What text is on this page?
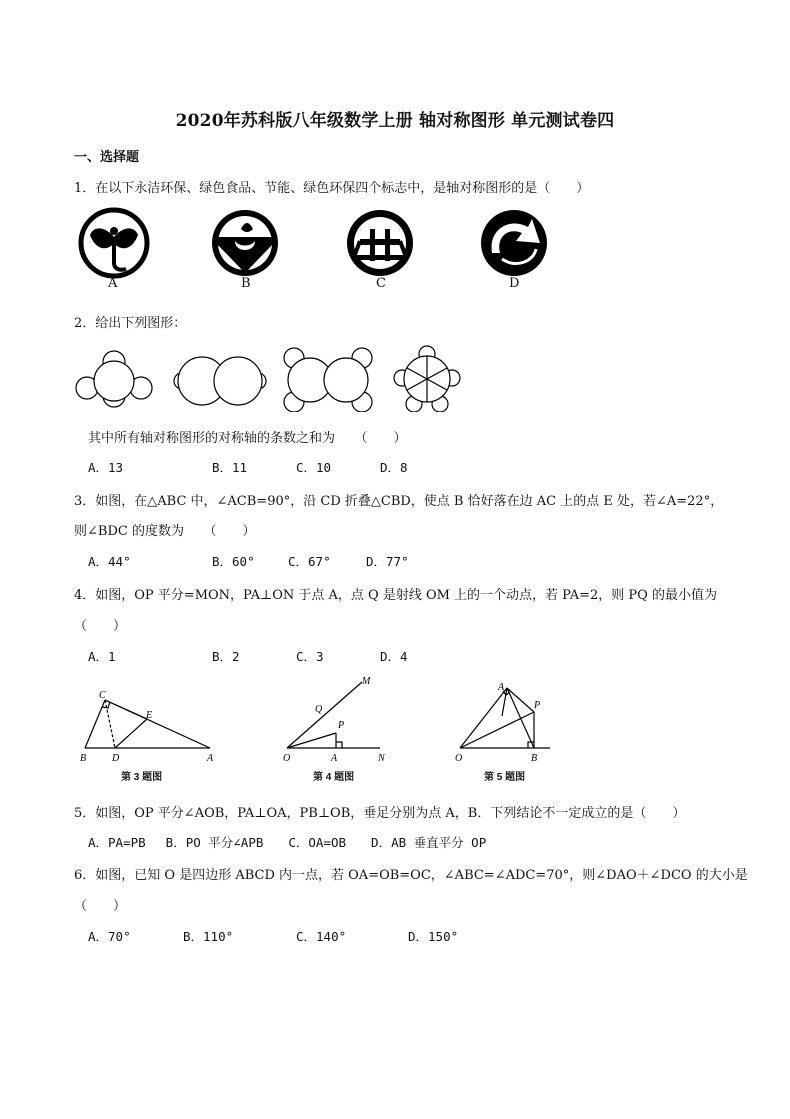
2020年苏科版八年级数学上册 轴对称图形 单元测试卷四
一、选择题
1．在以下永洁环保、绿色食品、节能、绿色环保四个标志中，是轴对称图形的是（　　）
A	B	C	D
2．给出下列图形：
其中所有轴对称图形的对称轴的条数之和为　　（　　）
A．13	B．11	C．10	D．8
3．如图，在△ABC 中，∠ACB=90°，沿 CD 折叠△CBD，使点 B 恰好落在边 AC 上的点 E 处，若∠A=22°，
则∠BDC 的度数为　　（　　）
A．44°	B．60°	C．67°	D．77°
4．如图，OP 平分=MON，PA⊥ON 于点 A，点 Q 是射线 OM 上的一个动点，若 PA=2，则 PQ 的最小值为
（　　）
A．1	B．2	C．3	D．4
C
E
B	D	A
第 3 题图
M
Q
P
O	A	N
第 4 题图
A
P
O	B
第 5 题图
5．如图，OP 平分∠AOB，PA⊥OA，PB⊥OB，垂足分别为点 A，B．下列结论不一定成立的是（　　）
A．PA=PB　 B．PO 平分∠APB　　C．OA=OB　　D．AB 垂直平分 OP
6．如图，已知 O 是四边形 ABCD 内一点，若 OA=OB=OC，∠ABC=∠ADC=70°，则∠DAO＋∠DCO 的大小是
（　　）
A．70°	B．110°	C．140°	D．150°
